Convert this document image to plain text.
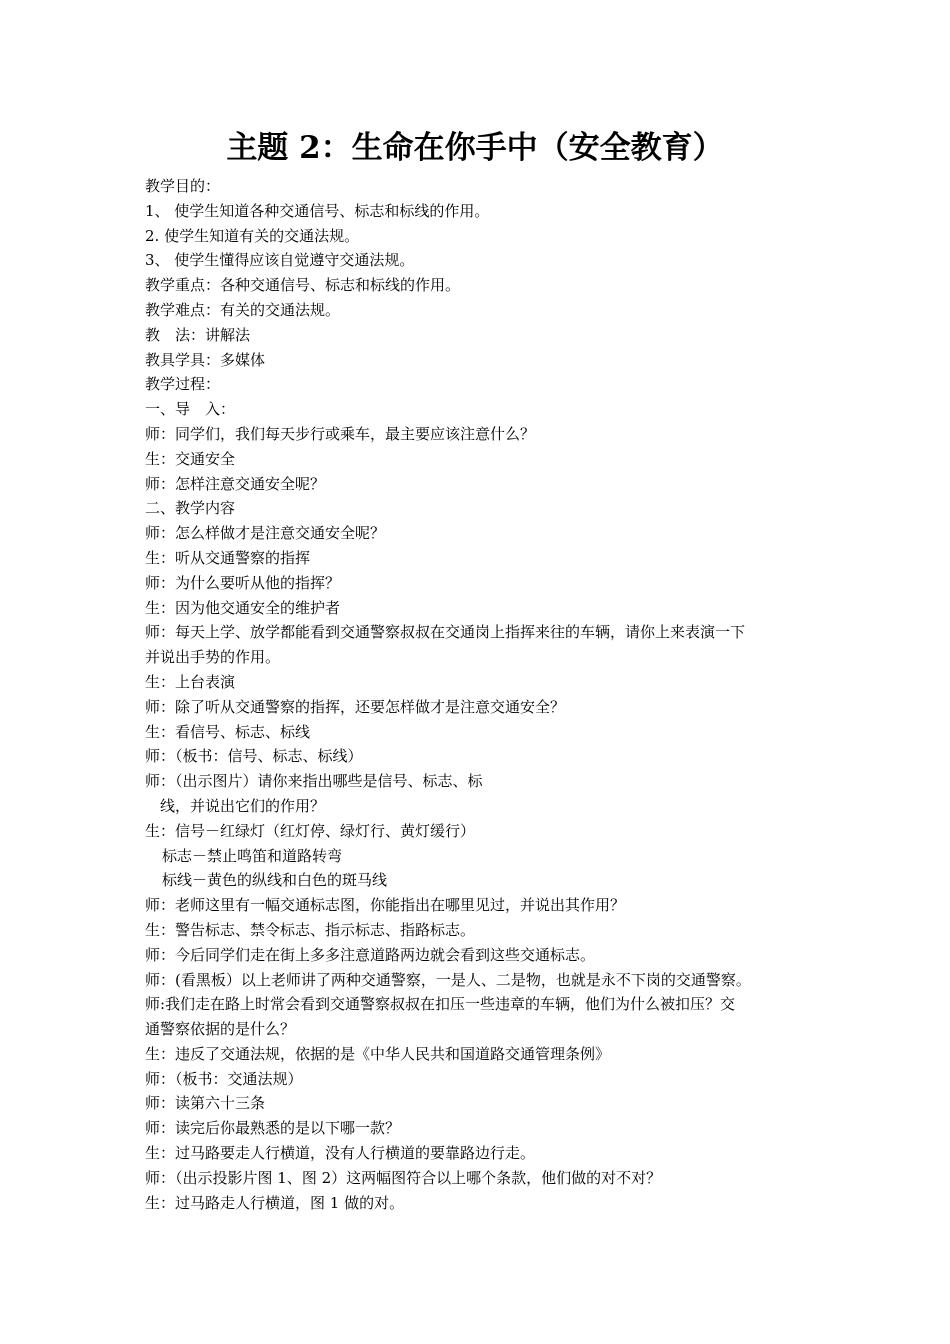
主题 2：生命在你手中（安全教育）
教学目的：
1、 使学生知道各种交通信号、标志和标线的作用。
2. 使学生知道有关的交通法规。
3、 使学生懂得应该自觉遵守交通法规。
教学重点：各种交通信号、标志和标线的作用。
教学难点：有关的交通法规。
教　法：讲解法
教具学具：多媒体
教学过程：
一、导　入：
师：同学们，我们每天步行或乘车，最主要应该注意什么？
生：交通安全
师：怎样注意交通安全呢？
二、教学内容
师：怎么样做才是注意交通安全呢？
生：听从交通警察的指挥
师：为什么要听从他的指挥？
生：因为他交通安全的维护者
师：每天上学、放学都能看到交通警察叔叔在交通岗上指挥来往的车辆，请你上来表演一下
并说出手势的作用。
生：上台表演
师：除了听从交通警察的指挥，还要怎样做才是注意交通安全？
生：看信号、标志、标线
师：（板书：信号、标志、标线）
师：（出示图片）请你来指出哪些是信号、标志、标
线，并说出它们的作用？
生：信号－红绿灯（红灯停、绿灯行、黄灯缓行）
标志－禁止鸣笛和道路转弯
标线－黄色的纵线和白色的斑马线
师：老师这里有一幅交通标志图，你能指出在哪里见过，并说出其作用？
生：警告标志、禁令标志、指示标志、指路标志。
师：今后同学们走在街上多多注意道路两边就会看到这些交通标志。
师：(看黑板）以上老师讲了两种交通警察，一是人、二是物，也就是永不下岗的交通警察。
师:我们走在路上时常会看到交通警察叔叔在扣压一些违章的车辆，他们为什么被扣压？交
通警察依据的是什么？
生：违反了交通法规，依据的是《中华人民共和国道路交通管理条例》
师：（板书：交通法规）
师：读第六十三条
师：读完后你最熟悉的是以下哪一款？
生：过马路要走人行横道，没有人行横道的要靠路边行走。
师：（出示投影片图 1、图 2）这两幅图符合以上哪个条款，他们做的对不对？
生：过马路走人行横道，图 1 做的对。
